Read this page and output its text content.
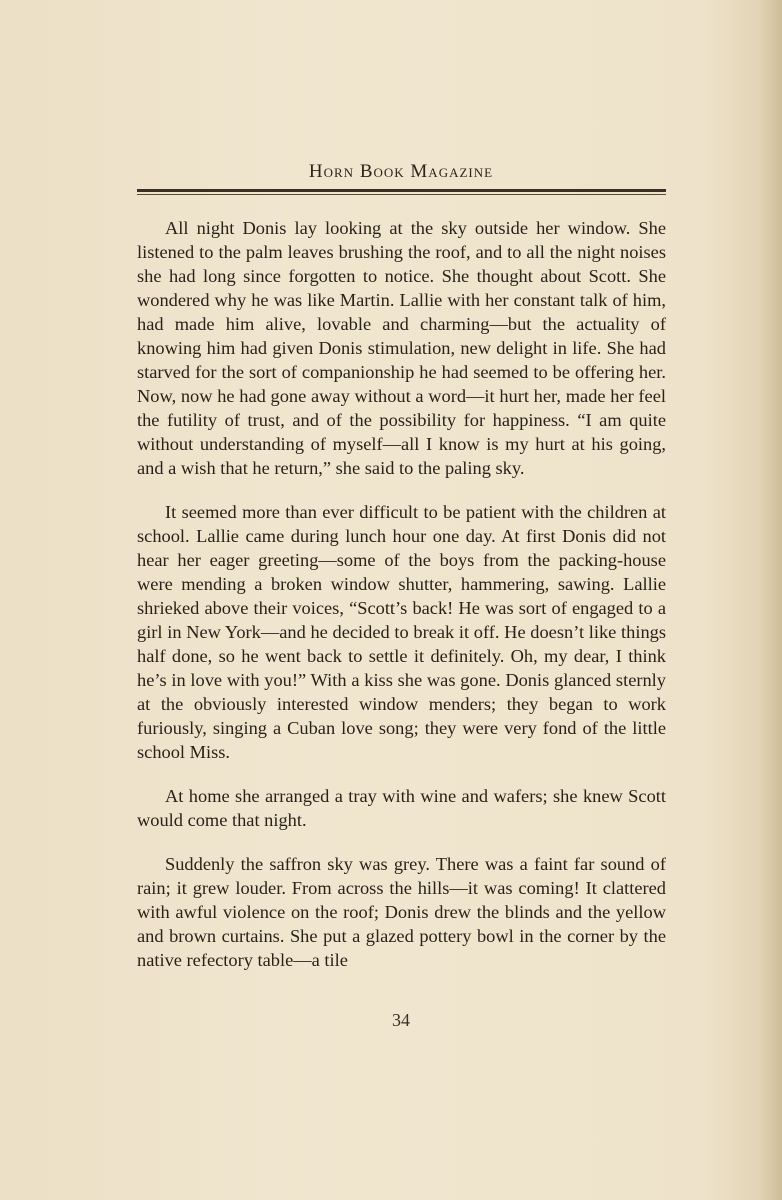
Horn Book Magazine

All night Donis lay looking at the sky outside her window. She listened to the palm leaves brushing the roof, and to all the night noises she had long since forgotten to notice. She thought about Scott. She wondered why he was like Martin. Lallie with her constant talk of him, had made him alive, lovable and charming—but the actuality of knowing him had given Donis stimulation, new delight in life. She had starved for the sort of companionship he had seemed to be offering her. Now, now he had gone away without a word—it hurt her, made her feel the futility of trust, and of the possibility for happiness. “I am quite without understanding of myself—all I know is my hurt at his going, and a wish that he return,” she said to the paling sky.

It seemed more than ever difficult to be patient with the children at school. Lallie came during lunch hour one day. At first Donis did not hear her eager greeting—some of the boys from the packing-house were mending a broken window shutter, hammering, sawing. Lallie shrieked above their voices, “Scott’s back! He was sort of engaged to a girl in New York—and he decided to break it off. He doesn’t like things half done, so he went back to settle it definitely. Oh, my dear, I think he’s in love with you!” With a kiss she was gone. Donis glanced sternly at the obviously interested window menders; they began to work furiously, singing a Cuban love song; they were very fond of the little school Miss.

At home she arranged a tray with wine and wafers; she knew Scott would come that night.

Suddenly the saffron sky was grey. There was a faint far sound of rain; it grew louder. From across the hills—it was coming! It clattered with awful violence on the roof; Donis drew the blinds and the yellow and brown curtains. She put a glazed pottery bowl in the corner by the native refectory table—a tile

34
